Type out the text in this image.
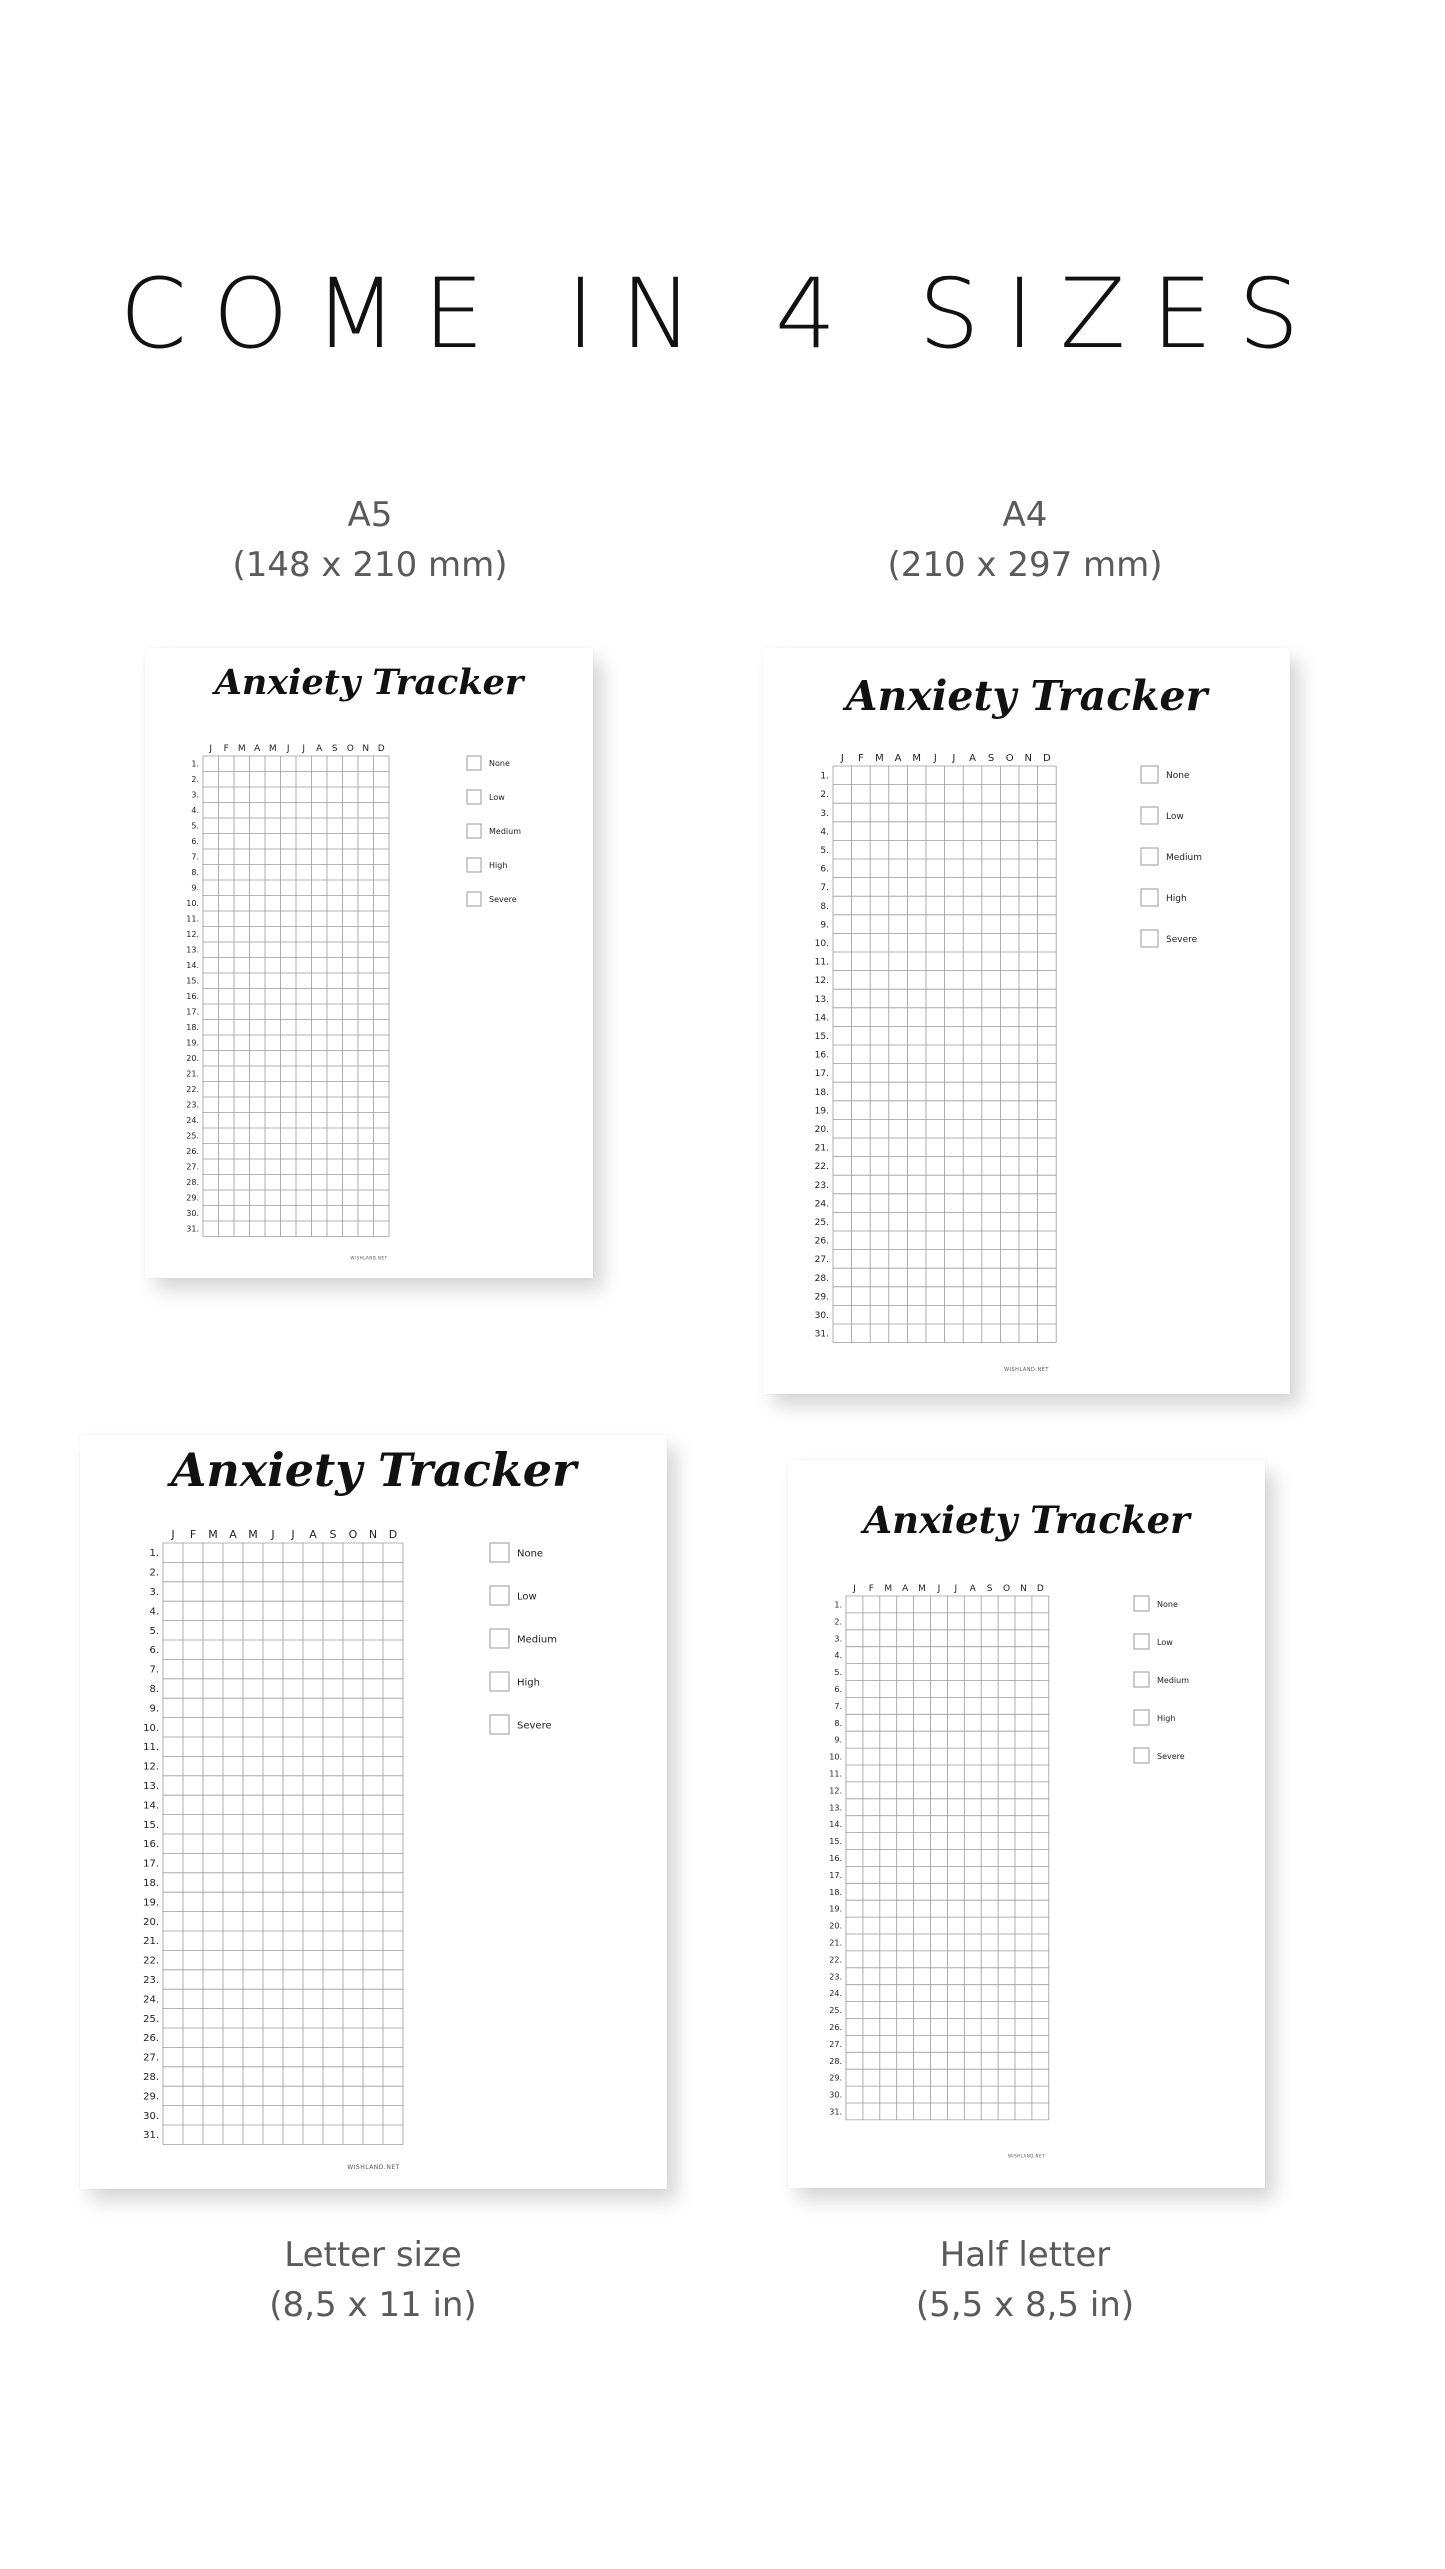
COME IN 4 SIZES
A5
(148 x 210 mm)
A4
(210 x 297 mm)
Anxiety Tracker
J F M A M J J A S O N D
1.
2.
3.
4.
5.
6.
7.
8.
9.
10.
11.
12.
13.
14.
15.
16.
17.
18.
19.
20.
21.
22.
23.
24.
25.
26.
27.
28.
29.
30.
31.
None
Low
Medium
High
Severe
WISHLAND.NET
Anxiety Tracker
J F M A M J J A S O N D
1.
2.
3.
4.
5.
6.
7.
8.
9.
10.
11.
12.
13.
14.
15.
16.
17.
18.
19.
20.
21.
22.
23.
24.
25.
26.
27.
28.
29.
30.
31.
None
Low
Medium
High
Severe
WISHLAND.NET
Anxiety Tracker
J F M A M J J A S O N D
1.
2.
3.
4.
5.
6.
7.
8.
9.
10.
11.
12.
13.
14.
15.
16.
17.
18.
19.
20.
21.
22.
23.
24.
25.
26.
27.
28.
29.
30.
31.
None
Low
Medium
High
Severe
WISHLAND.NET
Anxiety Tracker
J F M A M J J A S O N D
1.
2.
3.
4.
5.
6.
7.
8.
9.
10.
11.
12.
13.
14.
15.
16.
17.
18.
19.
20.
21.
22.
23.
24.
25.
26.
27.
28.
29.
30.
31.
None
Low
Medium
High
Severe
WISHLAND.NET
Letter size
(8,5 x 11 in)
Half letter
(5,5 x 8,5 in)
